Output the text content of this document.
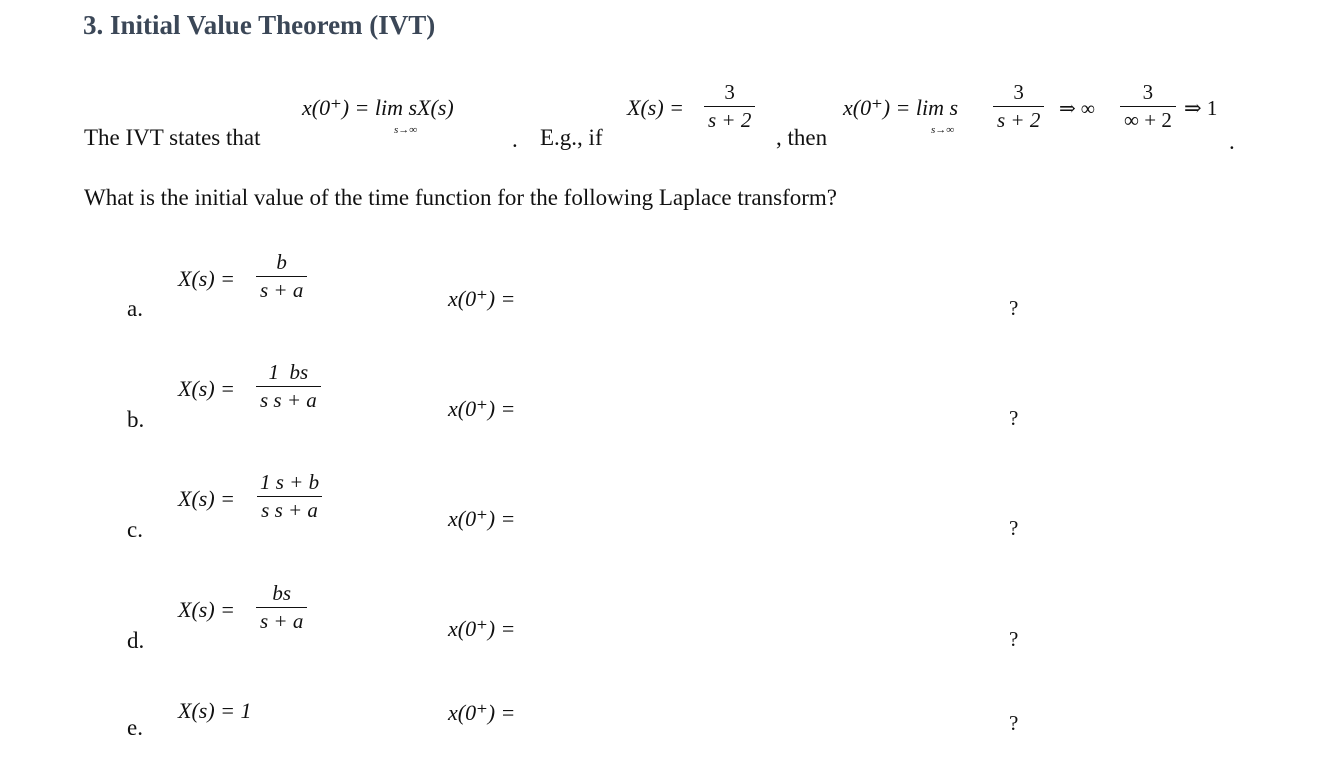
3. Initial Value Theorem (IVT)
The IVT states that
x(0⁺) = lim sX(s)
s→∞	. E.g., if
$X(s) = \frac{3}{s + 2}$
, then
x(0⁺) = lim s
$s\to\infty \frac{3}{s + 2}$ ⇒ ∞ $\frac{3}{\infty + 2}$ ⇒ 1
.
What is the initial value of the time function for the following Laplace transform?
a.
$X(s) = \frac{b}{s + a}$	x(0⁺) =	?
b.
$X(s) = \frac{1 bs}{\text{s s + a}}$	x(0⁺) =	?
c.
$X(s) = \frac{1 s + b}{\text{s s + a}}$	x(0⁺) =	?
d.
$X(s) = \frac{bs}{s + a}$	x(0⁺) =	?
e.
X(s) = 1	x(0⁺) =	?
